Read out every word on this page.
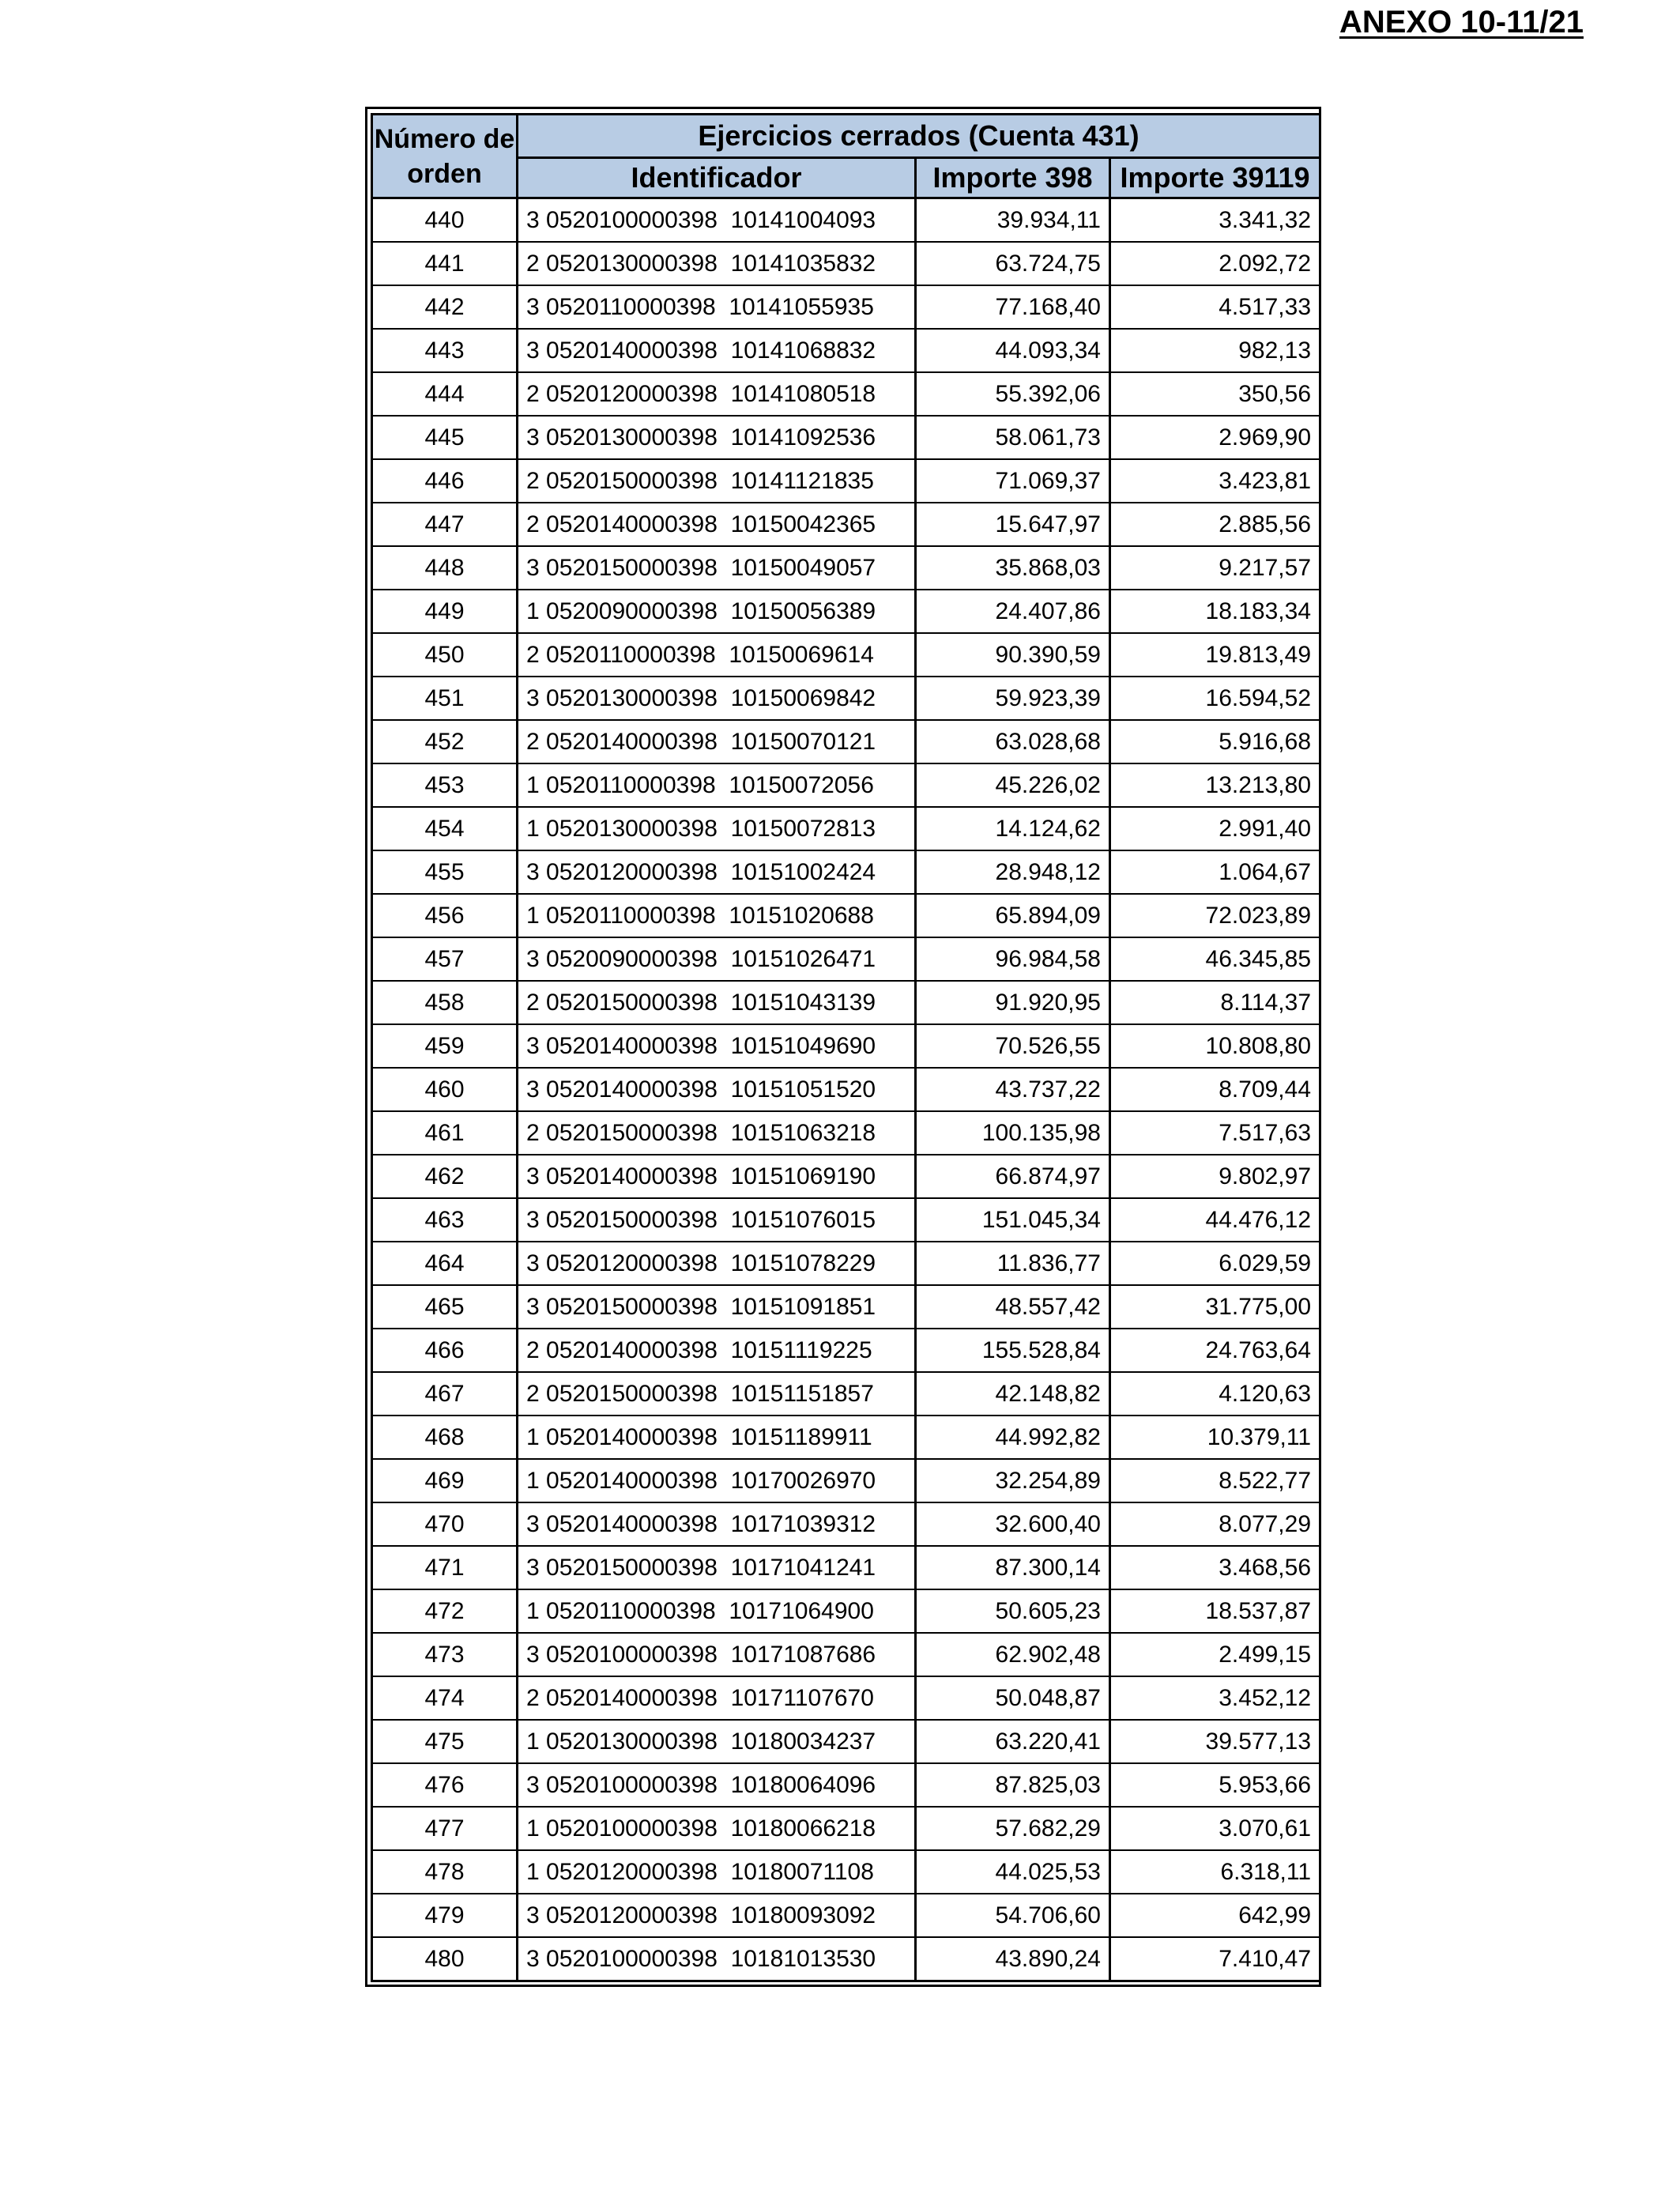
ANEXO 10-11/21
Número de orden	Ejercicios cerrados (Cuenta 431)		
	Identificador	Importe 398	Importe 39119
440	3 0520100000398  10141004093	39.934,11	3.341,32
441	2 0520130000398  10141035832	63.724,75	2.092,72
442	3 0520110000398  10141055935	77.168,40	4.517,33
443	3 0520140000398  10141068832	44.093,34	982,13
444	2 0520120000398  10141080518	55.392,06	350,56
445	3 0520130000398  10141092536	58.061,73	2.969,90
446	2 0520150000398  10141121835	71.069,37	3.423,81
447	2 0520140000398  10150042365	15.647,97	2.885,56
448	3 0520150000398  10150049057	35.868,03	9.217,57
449	1 0520090000398  10150056389	24.407,86	18.183,34
450	2 0520110000398  10150069614	90.390,59	19.813,49
451	3 0520130000398  10150069842	59.923,39	16.594,52
452	2 0520140000398  10150070121	63.028,68	5.916,68
453	1 0520110000398  10150072056	45.226,02	13.213,80
454	1 0520130000398  10150072813	14.124,62	2.991,40
455	3 0520120000398  10151002424	28.948,12	1.064,67
456	1 0520110000398  10151020688	65.894,09	72.023,89
457	3 0520090000398  10151026471	96.984,58	46.345,85
458	2 0520150000398  10151043139	91.920,95	8.114,37
459	3 0520140000398  10151049690	70.526,55	10.808,80
460	3 0520140000398  10151051520	43.737,22	8.709,44
461	2 0520150000398  10151063218	100.135,98	7.517,63
462	3 0520140000398  10151069190	66.874,97	9.802,97
463	3 0520150000398  10151076015	151.045,34	44.476,12
464	3 0520120000398  10151078229	11.836,77	6.029,59
465	3 0520150000398  10151091851	48.557,42	31.775,00
466	2 0520140000398  10151119225	155.528,84	24.763,64
467	2 0520150000398  10151151857	42.148,82	4.120,63
468	1 0520140000398  10151189911	44.992,82	10.379,11
469	1 0520140000398  10170026970	32.254,89	8.522,77
470	3 0520140000398  10171039312	32.600,40	8.077,29
471	3 0520150000398  10171041241	87.300,14	3.468,56
472	1 0520110000398  10171064900	50.605,23	18.537,87
473	3 0520100000398  10171087686	62.902,48	2.499,15
474	2 0520140000398  10171107670	50.048,87	3.452,12
475	1 0520130000398  10180034237	63.220,41	39.577,13
476	3 0520100000398  10180064096	87.825,03	5.953,66
477	1 0520100000398  10180066218	57.682,29	3.070,61
478	1 0520120000398  10180071108	44.025,53	6.318,11
479	3 0520120000398  10180093092	54.706,60	642,99
480	3 0520100000398  10181013530	43.890,24	7.410,47
